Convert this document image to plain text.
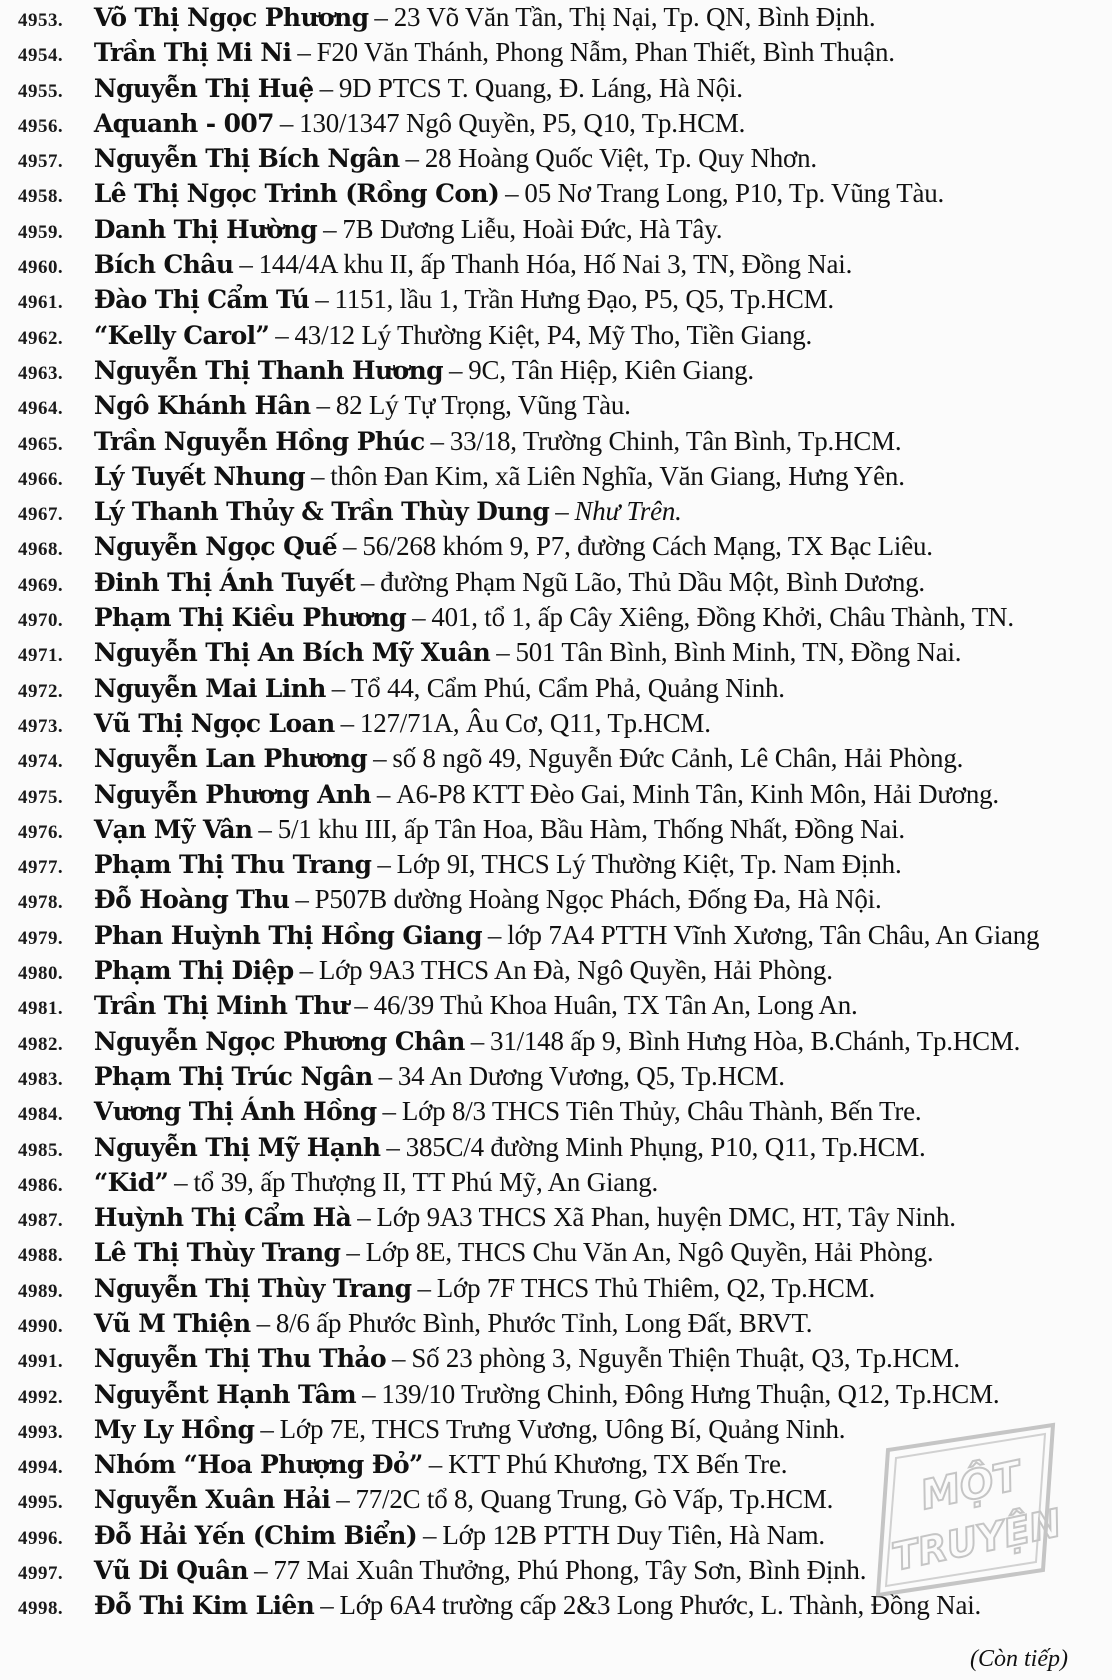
4953. Võ Thị Ngọc Phương – 23 Võ Văn Tần, Thị Nại, Tp. QN, Bình Định.
4954. Trần Thị Mi Ni – F20 Văn Thánh, Phong Nẫm, Phan Thiết, Bình Thuận.
4955. Nguyễn Thị Huệ – 9D PTCS T. Quang, Đ. Láng, Hà Nội.
4956. Aquanh - 007 – 130/1347 Ngô Quyền, P5, Q10, Tp.HCM.
4957. Nguyễn Thị Bích Ngân – 28 Hoàng Quốc Việt, Tp. Quy Nhơn.
4958. Lê Thị Ngọc Trinh (Rồng Con) – 05 Nơ Trang Long, P10, Tp. Vũng Tàu.
4959. Danh Thị Hường – 7B Dương Liễu, Hoài Đức, Hà Tây.
4960. Bích Châu – 144/4A khu II, ấp Thanh Hóa, Hố Nai 3, TN, Đồng Nai.
4961. Đào Thị Cẩm Tú – 1151, lầu 1, Trần Hưng Đạo, P5, Q5, Tp.HCM.
4962. “Kelly Carol” – 43/12 Lý Thường Kiệt, P4, Mỹ Tho, Tiền Giang.
4963. Nguyễn Thị Thanh Hương – 9C, Tân Hiệp, Kiên Giang.
4964. Ngô Khánh Hân – 82 Lý Tự Trọng, Vũng Tàu.
4965. Trần Nguyễn Hồng Phúc – 33/18, Trường Chinh, Tân Bình, Tp.HCM.
4966. Lý Tuyết Nhung – thôn Đan Kim, xã Liên Nghĩa, Văn Giang, Hưng Yên.
4967. Lý Thanh Thủy & Trần Thùy Dung – Như Trên.
4968. Nguyễn Ngọc Quế – 56/268 khóm 9, P7, đường Cách Mạng, TX Bạc Liêu.
4969. Đinh Thị Ánh Tuyết – đường Phạm Ngũ Lão, Thủ Dầu Một, Bình Dương.
4970. Phạm Thị Kiều Phương – 401, tổ 1, ấp Cây Xiêng, Đồng Khởi, Châu Thành, TN.
4971. Nguyễn Thị An Bích Mỹ Xuân – 501 Tân Bình, Bình Minh, TN, Đồng Nai.
4972. Nguyễn Mai Linh – Tổ 44, Cẩm Phú, Cẩm Phả, Quảng Ninh.
4973. Vũ Thị Ngọc Loan – 127/71A, Âu Cơ, Q11, Tp.HCM.
4974. Nguyễn Lan Phương – số 8 ngõ 49, Nguyễn Đức Cảnh, Lê Chân, Hải Phòng.
4975. Nguyễn Phương Anh – A6-P8 KTT Đèo Gai, Minh Tân, Kinh Môn, Hải Dương.
4976. Vạn Mỹ Vân – 5/1 khu III, ấp Tân Hoa, Bầu Hàm, Thống Nhất, Đồng Nai.
4977. Phạm Thị Thu Trang – Lớp 9I, THCS Lý Thường Kiệt, Tp. Nam Định.
4978. Đỗ Hoàng Thu – P507B dường Hoàng Ngọc Phách, Đống Đa, Hà Nội.
4979. Phan Huỳnh Thị Hồng Giang – lớp 7A4 PTTH Vĩnh Xương, Tân Châu, An Giang
4980. Phạm Thị Diệp – Lớp 9A3 THCS An Đà, Ngô Quyền, Hải Phòng.
4981. Trần Thị Minh Thư – 46/39 Thủ Khoa Huân, TX Tân An, Long An.
4982. Nguyễn Ngọc Phương Chân – 31/148 ấp 9, Bình Hưng Hòa, B.Chánh, Tp.HCM.
4983. Phạm Thị Trúc Ngân – 34 An Dương Vương, Q5, Tp.HCM.
4984. Vương Thị Ánh Hồng – Lớp 8/3 THCS Tiên Thủy, Châu Thành, Bến Tre.
4985. Nguyễn Thị Mỹ Hạnh – 385C/4 đường Minh Phụng, P10, Q11, Tp.HCM.
4986. “Kid” – tổ 39, ấp Thượng II, TT Phú Mỹ, An Giang.
4987. Huỳnh Thị Cẩm Hà – Lớp 9A3 THCS Xã Phan, huyện DMC, HT, Tây Ninh.
4988. Lê Thị Thùy Trang – Lớp 8E, THCS Chu Văn An, Ngô Quyền, Hải Phòng.
4989. Nguyễn Thị Thùy Trang – Lớp 7F THCS Thủ Thiêm, Q2, Tp.HCM.
4990. Vũ M Thiện – 8/6 ấp Phước Bình, Phước Tỉnh, Long Đất, BRVT.
4991. Nguyễn Thị Thu Thảo – Số 23 phòng 3, Nguyễn Thiện Thuật, Q3, Tp.HCM.
4992. Nguyễnt Hạnh Tâm – 139/10 Trường Chinh, Đông Hưng Thuận, Q12, Tp.HCM.
4993. My Ly Hồng – Lớp 7E, THCS Trưng Vương, Uông Bí, Quảng Ninh.
4994. Nhóm “Hoa Phượng Đỏ” – KTT Phú Khương, TX Bến Tre.
4995. Nguyễn Xuân Hải – 77/2C tổ 8, Quang Trung, Gò Vấp, Tp.HCM.
4996. Đỗ Hải Yến (Chim Biển) – Lớp 12B PTTH Duy Tiên, Hà Nam.
4997. Vũ Di Quân – 77 Mai Xuân Thưởng, Phú Phong, Tây Sơn, Bình Định.
4998. Đỗ Thi Kim Liên – Lớp 6A4 trường cấp 2&3 Long Phước, L. Thành, Đồng Nai.
(Còn tiếp)
MỘT
TRUYỆN
